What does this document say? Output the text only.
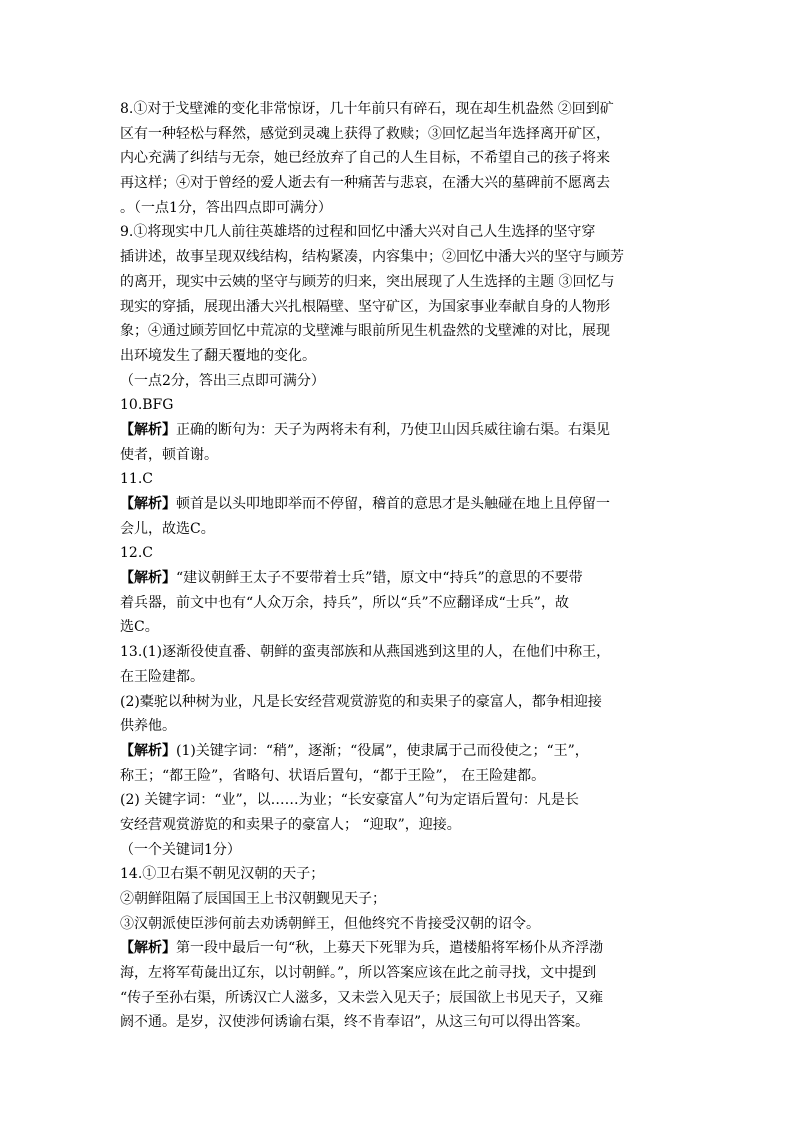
8.①对于戈壁滩的变化非常惊讶，几十年前只有碎石，现在却生机盎然 ②回到矿
区有一种轻松与释然，感觉到灵魂上获得了救赎；③回忆起当年选择离开矿区，
内心充满了纠结与无奈，她已经放弃了自己的人生目标，不希望自己的孩子将来
再这样；④对于曾经的爱人逝去有一种痛苦与悲哀，在潘大兴的墓碑前不愿离去
。（一点1分，答出四点即可满分）
9.①将现实中几人前往英雄塔的过程和回忆中潘大兴对自己人生选择的坚守穿
插讲述，故事呈现双线结构，结构紧凑，内容集中；②回忆中潘大兴的坚守与顾芳
的离开，现实中云姨的坚守与顾芳的归来，突出展现了人生选择的主题 ③回忆与
现实的穿插，展现出潘大兴扎根隔壁、坚守矿区，为国家事业奉献自身的人物形
象；④通过顾芳回忆中荒凉的戈壁滩与眼前所见生机盎然的戈壁滩的对比，展现
出环境发生了翻天覆地的变化。
（一点2分，答出三点即可满分）
10.BFG
【解析】正确的断句为：天子为两将未有利，乃使卫山因兵威往谕右渠。右渠见
使者，顿首谢。
11.C
【解析】顿首是以头叩地即举而不停留，稽首的意思才是头触碰在地上且停留一
会儿，故选C。
12.C
【解析】“建议朝鲜王太子不要带着士兵”错，原文中“持兵”的意思的不要带
着兵器，前文中也有“人众万余，持兵”，所以“兵”不应翻译成“士兵”，故
选C。
13.(1)逐渐役使直番、朝鲜的蛮夷部族和从燕国逃到这里的人，在他们中称王，
在王险建都。
(2)橐驼以种树为业，凡是长安经营观赏游览的和卖果子的豪富人，都争相迎接
供养他。
【解析】(1)关键字词：“稍”，逐渐；“役属”，使隶属于己而役使之；“王”，
称王；“都王险”，省略句、状语后置句，“都于王险”， 在王险建都。
(2) 关键字词：“业”，以……为业；“长安豪富人”句为定语后置句：凡是长
安经营观赏游览的和卖果子的豪富人； “迎取”，迎接。
（一个关键词1分）
14.①卫右渠不朝见汉朝的天子；
②朝鲜阻隔了辰国国王上书汉朝觐见天子；
③汉朝派使臣涉何前去劝诱朝鲜王，但他终究不肯接受汉朝的诏令。
【解析】第一段中最后一句“秋，上募天下死罪为兵，遣楼船将军杨仆从齐浮渤
海，左将军荀彘出辽东，以讨朝鲜。”，所以答案应该在此之前寻找，文中提到
“传子至孙右渠，所诱汉亡人滋多，又未尝入见天子；辰国欲上书见天子，又雍
阏不通。是岁，汉使涉何诱谕右渠，终不肯奉诏”，从这三句可以得出答案。
